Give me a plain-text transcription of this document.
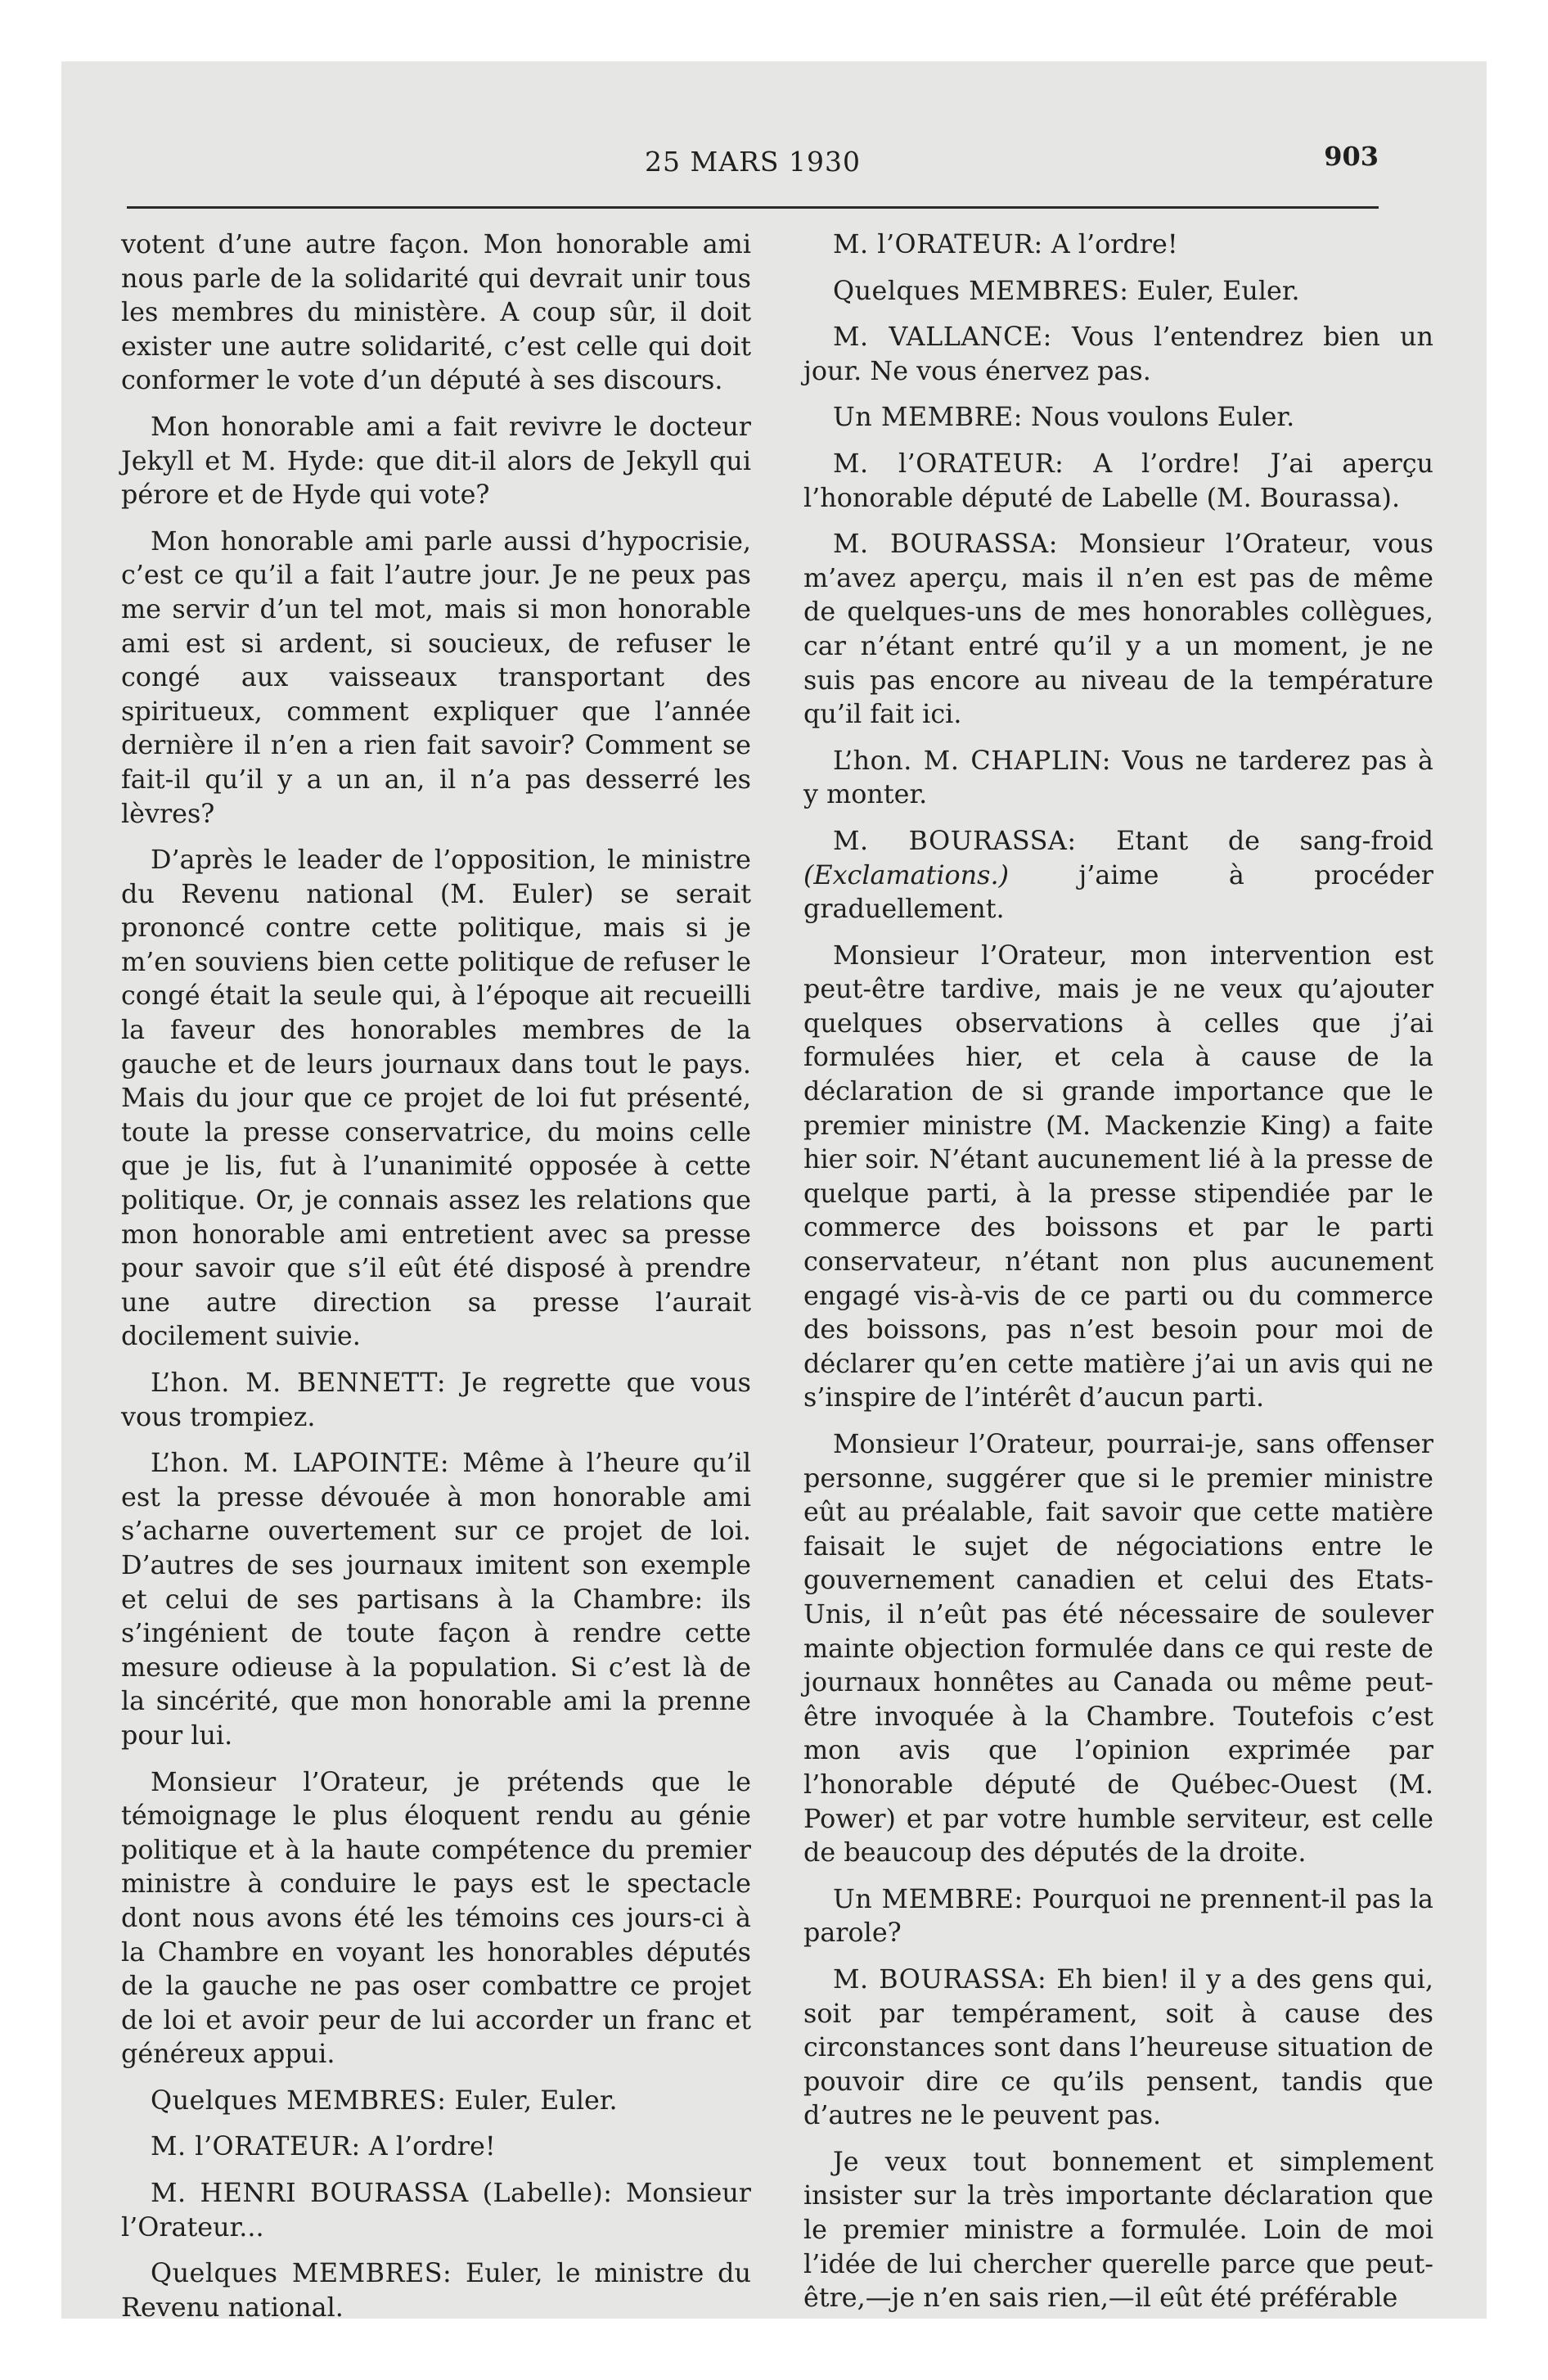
25 MARS 1930	903

votent d’une autre façon. Mon honorable ami nous parle de la solidarité qui devrait unir tous les membres du ministère. A coup sûr, il doit exister une autre solidarité, c’est celle qui doit conformer le vote d’un député à ses discours.

Mon honorable ami a fait revivre le docteur Jekyll et M. Hyde: que dit-il alors de Jekyll qui pérore et de Hyde qui vote?

Mon honorable ami parle aussi d’hypocrisie, c’est ce qu’il a fait l’autre jour. Je ne peux pas me servir d’un tel mot, mais si mon honorable ami est si ardent, si soucieux, de refuser le congé aux vaisseaux transportant des spiritueux, comment expliquer que l’année dernière il n’en a rien fait savoir? Comment se fait-il qu’il y a un an, il n’a pas desserré les lèvres?

D’après le leader de l’opposition, le ministre du Revenu national (M. Euler) se serait prononcé contre cette politique, mais si je m’en souviens bien cette politique de refuser le congé était la seule qui, à l’époque ait recueilli la faveur des honorables membres de la gauche et de leurs journaux dans tout le pays. Mais du jour que ce projet de loi fut présenté, toute la presse conservatrice, du moins celle que je lis, fut à l’unanimité opposée à cette politique. Or, je connais assez les relations que mon honorable ami entretient avec sa presse pour savoir que s’il eût été disposé à prendre une autre direction sa presse l’aurait docilement suivie.

L’hon. M. BENNETT: Je regrette que vous vous trompiez.

L’hon. M. LAPOINTE: Même à l’heure qu’il est la presse dévouée à mon honorable ami s’acharne ouvertement sur ce projet de loi. D’autres de ses journaux imitent son exemple et celui de ses partisans à la Chambre: ils s’ingénient de toute façon à rendre cette mesure odieuse à la population. Si c’est là de la sincérité, que mon honorable ami la prenne pour lui.

Monsieur l’Orateur, je prétends que le témoignage le plus éloquent rendu au génie politique et à la haute compétence du premier ministre à conduire le pays est le spectacle dont nous avons été les témoins ces jours-ci à la Chambre en voyant les honorables députés de la gauche ne pas oser combattre ce projet de loi et avoir peur de lui accorder un franc et généreux appui.

Quelques MEMBRES: Euler, Euler.

M. l’ORATEUR: A l’ordre!

M. HENRI BOURASSA (Labelle): Monsieur l’Orateur...

Quelques MEMBRES: Euler, le ministre du Revenu national.

M. l’ORATEUR: A l’ordre!

Quelques MEMBRES: Euler, Euler.

M. VALLANCE: Vous l’entendrez bien un jour. Ne vous énervez pas.

Un MEMBRE: Nous voulons Euler.

M. l’ORATEUR: A l’ordre! J’ai aperçu l’honorable député de Labelle (M. Bourassa).

M. BOURASSA: Monsieur l’Orateur, vous m’avez aperçu, mais il n’en est pas de même de quelques-uns de mes honorables collègues, car n’étant entré qu’il y a un moment, je ne suis pas encore au niveau de la température qu’il fait ici.

L’hon. M. CHAPLIN: Vous ne tarderez pas à y monter.

M. BOURASSA: Etant de sang-froid (Exclamations.) j’aime à procéder graduellement.

Monsieur l’Orateur, mon intervention est peut-être tardive, mais je ne veux qu’ajouter quelques observations à celles que j’ai formulées hier, et cela à cause de la déclaration de si grande importance que le premier ministre (M. Mackenzie King) a faite hier soir. N’étant aucunement lié à la presse de quelque parti, à la presse stipendiée par le commerce des boissons et par le parti conservateur, n’étant non plus aucunement engagé vis-à-vis de ce parti ou du commerce des boissons, pas n’est besoin pour moi de déclarer qu’en cette matière j’ai un avis qui ne s’inspire de l’intérêt d’aucun parti.

Monsieur l’Orateur, pourrai-je, sans offenser personne, suggérer que si le premier ministre eût au préalable, fait savoir que cette matière faisait le sujet de négociations entre le gouvernement canadien et celui des Etats-Unis, il n’eût pas été nécessaire de soulever mainte objection formulée dans ce qui reste de journaux honnêtes au Canada ou même peut-être invoquée à la Chambre. Toutefois c’est mon avis que l’opinion exprimée par l’honorable député de Québec-Ouest (M. Power) et par votre humble serviteur, est celle de beaucoup des députés de la droite.

Un MEMBRE: Pourquoi ne prennent-il pas la parole?

M. BOURASSA: Eh bien! il y a des gens qui, soit par tempérament, soit à cause des circonstances sont dans l’heureuse situation de pouvoir dire ce qu’ils pensent, tandis que d’autres ne le peuvent pas.

Je veux tout bonnement et simplement insister sur la très importante déclaration que le premier ministre a formulée. Loin de moi l’idée de lui chercher querelle parce que peut-être,—je n’en sais rien,—il eût été préférable
